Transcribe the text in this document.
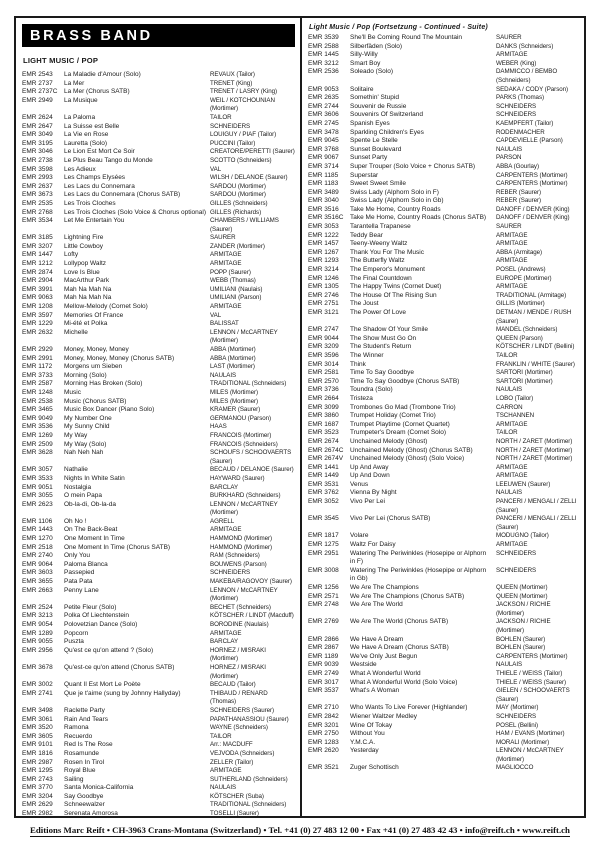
BRASS BAND
LIGHT MUSIC / POP
EMR 2543	La Maladie d'Amour (Solo)	REVAUX (Tailor)
EMR 2737	La Mer	TRENET (King)
EMR 2737C	La Mer (Chorus SATB)	TRENET / LASRY (King)
EMR 2949	La Musique	WEIL / KOTCHOUNIAN (Mortimer)
EMR 2624	La Paloma	TAILOR
EMR 2647	La Suisse est Belle	SCHNEIDERS
EMR 3049	La Vie en Rose	LOUIGUY / PIAF (Tailor)
EMR 3195	Lauretta (Solo)	PUCCINI (Tailor)
EMR 3046	Le Lion Est Mort Ce Soir	CREATORE/PERETTI (Saurer)
EMR 2738	Le Plus Beau Tango du Monde	SCOTTO (Schneiders)
EMR 3598	Les Adieux	VAL
EMR 2993	Les Champs Elysées	WILSH / DELANOE (Saurer)
EMR 2637	Les Lacs du Connemara	SARDOU (Mortimer)
EMR 3673	Les Lacs du Connemara (Chorus SATB)	SARDOU (Mortimer)
EMR 2535	Les Trois Cloches	GILLES (Schneiders)
EMR 2768	Les Trois Cloches (Solo Voice & Chorus optional) GILLES (Richards)
EMR 3534	Let Me Entertain You	CHAMBERS / WILLIAMS (Saurer)
EMR 3185	Lightning Fire	SAURER
EMR 3207	Little Cowboy	ZANDER (Mortimer)
EMR 1447	Lofty	ARMITAGE
EMR 1212	Lollypop Waltz	ARMITAGE
EMR 2874	Love Is Blue	POPP (Saurer)
EMR 2904	MacArthur Park	WEBB (Thomas)
EMR 3991	Mah Na Mah Na	UMILIANI (Naulais)
EMR 9063	Mah Na Mah Na	UMILIANI (Parson)
EMR 1208	Mellow-Melody (Cornet Solo)	ARMITAGE
EMR 3597	Memories Of France	VAL
EMR 1229	Mi-été et Polka	BALISSAT
EMR 2632	Michelle	LENNON / McCARTNEY (Mortimer)
EMR 2929	Money, Money, Money	ABBA (Mortimer)
EMR 2991	Money, Money, Money (Chorus SATB)	ABBA (Mortimer)
EMR 1172	Morgens um Sieben	LAST (Mortimer)
EMR 3733	Morning (Solo)	NAULAIS
EMR 2587	Morning Has Broken (Solo)	TRADITIONAL (Schneiders)
EMR 1248	Music	MILES (Mortimer)
EMR 2538	Music (Chorus SATB)	MILES (Mortimer)
EMR 3465	Music Box Dancer (Piano Solo)	KRAMER (Saurer)
EMR 9049	My Number One	GERMANOU (Parson)
EMR 3536	My Sunny Child	HAAS
EMR 1269	My Way	FRANCOIS (Mortimer)
EMR 2509	My Way (Solo)	FRANCOIS (Schneiders)
EMR 3628	Nah Neh Nah	SCHOUFS / SCHOOVAERTS (Saurer)
EMR 3057	Nathalie	BECAUD / DELANOE (Saurer)
EMR 3533	Nights In White Satin	HAYWARD (Saurer)
EMR 9051	Nostalgia	BARCLAY
EMR 3055	O mein Papa	BURKHARD (Schneiders)
EMR 2623	Ob-la-di, Ob-la-da	LENNON / McCARTNEY (Mortimer)
EMR 1106	Oh No !	AGRELL
EMR 1443	On The Back-Beat	ARMITAGE
EMR 1270	One Moment In Time	HAMMOND (Mortimer)
EMR 2518	One Moment In Time (Chorus SATB)	HAMMOND (Mortimer)
EMR 2740	Only You	RAM (Schneiders)
EMR 9064	Paloma Blanca	BOUWENS (Parson)
EMR 3603	Passepied	SCHNEIDERS
EMR 3655	Pata Pata	MAKEBA/RAGOVOY (Saurer)
EMR 2663	Penny Lane	LENNON / McCARTNEY (Mortimer)
EMR 2524	Petite Fleur (Solo)	BECHET (Schneiders)
EMR 3213	Polka Of Liechtenstein	KÖTSCHER / LINDT (Macduff)
EMR 9054	Polovetzian Dance (Solo)	BORODINE (Naulais)
EMR 1289	Popcorn	ARMITAGE
EMR 9055	Puszta	BARCLAY
EMR 2956	Qu'est ce qu'on attend ? (Solo)	HORNEZ / MISRAKI (Mortimer)
EMR 3678	Qu'est-ce qu'on attend (Chorus SATB)	HORNEZ / MISRAKI (Mortimer)
EMR 3002	Quant Il Est Mort Le Poète	BECAUD (Tailor)
EMR 2741	Que je t'aime (sung by Johnny Hallyday)	THIBAUD / RENARD (Thomas)
EMR 3498	Raclette Party	SCHNEIDERS (Saurer)
EMR 3061	Rain And Tears	PAPATHANASSIOU (Saurer)
EMR 3520	Ramona	WAYNE (Schneiders)
EMR 3605	Recuerdo	TAILOR
EMR 9101	Red Is The Rose	Arr.: MACDUFF
EMR 1816	Rosamunde	VEJVODA (Schneiders)
EMR 2987	Rosen In Tirol	ZELLER (Tailor)
EMR 1295	Royal Blue	ARMITAGE
EMR 2743	Sailing	SUTHERLAND (Schneiders)
EMR 3770	Santa Monica-California	NAULAIS
EMR 3204	Say Goodbye	KÖTSCHER (Suba)
EMR 2629	Schneewalzer	TRADITIONAL (Schneiders)
EMR 2982	Serenata Amorosa	TOSELLI (Saurer)
Light Music / Pop (Fortsetzung - Continued - Suite)
EMR 3539	She'll Be Coming Round The Mountain	SAURER
EMR 2588	Silberfäden (Solo)	DANKS (Schneiders)
EMR 1445	Silly-Willy	ARMITAGE
EMR 3212	Smart Boy	WEBER (King)
EMR 2536	Soleado (Solo)	DAMMICCO / BEMBO (Schneiders)
EMR 9053	Solitaire	SEDAKA / CODY (Parson)
EMR 2635	Somethin' Stupid	PARKS (Thomas)
EMR 2744	Souvenir de Russie	SCHNEIDERS
EMR 3606	Souvenirs Of Switzerland	SCHNEIDERS
EMR 2745	Spanish Eyes	KAEMPFERT (Tailor)
EMR 3478	Sparkling Children's Eyes	RODENMACHER
EMR 9045	Spente Le Stelle	CAPDEVIELLE (Parson)
EMR 3768	Sunset Boulevard	NAULAIS
EMR 9067	Sunset Party	PARSON
EMR 3714	Super Trouper (Solo Voice + Chorus SATB)	ABBA (Gourlay)
EMR 1185	Superstar	CARPENTERS (Mortimer)
EMR 1183	Sweet Sweet Smile	CARPENTERS (Mortimer)
EMR 3489	Swiss Lady (Alphorn Solo in F)	REBER (Saurer)
EMR 3040	Swiss Lady (Alphorn Solo in Gb)	REBER (Saurer)
EMR 3516	Take Me Home, Country Roads	DANOFF / DENVER (King)
EMR 3516C	Take Me Home, Country Roads (Chorus SATB)	DANOFF / DENVER (King)
EMR 3053	Tarantella Trapanese	SAURER
EMR 1222	Teddy Bear	ARMITAGE
EMR 1457	Teeny-Weeny Waltz	ARMITAGE
EMR 1267	Thank You For The Music	ABBA (Armitage)
EMR 1293	The Butterfly Waltz	ARMITAGE
EMR 3214	The Emperor's Monument	POSEL (Andrews)
EMR 1246	The Final Countdown	EUROPE (Mortimer)
EMR 1305	The Happy Twins (Cornet Duet)	ARMITAGE
EMR 2746	The House Of The Rising Sun	TRADITIONAL (Armitage)
EMR 2751	The Joust	GILLIS (Mortimer)
EMR 3121	The Power Of Love	DETMAN / MENDE / RUSH (Saurer)
EMR 2747	The Shadow Of Your Smile	MANDEL (Schneiders)
EMR 9044	The Show Must Go On	QUEEN (Parson)
EMR 3209	The Student's Return	KÖTSCHER / LINDT (Bellini)
EMR 3596	The Winner	TAILOR
EMR 3014	Think	FRANKLIN / WHITE (Saurer)
EMR 2581	Time To Say Goodbye	SARTORI (Mortimer)
EMR 2570	Time To Say Goodbye (Chorus SATB)	SARTORI (Mortimer)
EMR 3736	Toundra (Solo)	NAULAIS
EMR 2664	Tristeza	LOBO (Tailor)
EMR 3099	Trombones Go Mad (Trombone Trio)	CARRON
EMR 3860	Trumpet Holiday (Cornet Trio)	TSCHANNEN
EMR 1687	Trumpet Playtime (Cornet Quartet)	ARMITAGE
EMR 3523	Trumpeter's Dream (Cornet Solo)	TAILOR
EMR 2674	Unchained Melody (Ghost)	NORTH / ZARET (Mortimer)
EMR 2674C	Unchained Melody (Ghost) (Chorus SATB)	NORTH / ZARET (Mortimer)
EMR 2674V	Unchained Melody (Ghost) (Solo Voice)	NORTH / ZARET (Mortimer)
EMR 1441	Up And Away	ARMITAGE
EMR 1449	Up And Down	ARMITAGE
EMR 3531	Venus	LEEUWEN (Saurer)
EMR 3762	Vienna By Night	NAULAIS
EMR 3052	Vivo Per Lei	PANCERI / MENGALI / ZELLI (Saurer)
EMR 3545	Vivo Per Lei (Chorus SATB)	PANCERI / MENGALI / ZELLI (Saurer)
EMR 1817	Volare	MODUGNO (Tailor)
EMR 1275	Waltz For Daisy	ARMITAGE
EMR 2951	Watering The Periwinkles (Hosepipe or Alphorn in F)
SCHNEIDERS
EMR 3008	Watering The Periwinkles (Hosepipe or Alphorn in Gb)
SCHNEIDERS
EMR 1256	We Are The Champions	QUEEN (Mortimer)
EMR 2571	We Are The Champions (Chorus SATB)	QUEEN (Mortimer)
EMR 2748	We Are The World	JACKSON / RICHIE (Mortimer)
EMR 2769	We Are The World (Chorus SATB)	JACKSON / RICHIE (Mortimer)
EMR 2866	We Have A Dream	BOHLEN (Saurer)
EMR 2867	We Have A Dream (Chorus SATB)	BOHLEN (Saurer)
EMR 1189	We've Only Just Begun	CARPENTERS (Mortimer)
EMR 9039	Westside	NAULAIS
EMR 2749	What A Wonderful World	THIELE / WEISS (Tailor)
EMR 3017	What A Wonderful World (Solo Voice)	THIELE / WEISS (Saurer)
EMR 3537	What's A Woman	GIELEN / SCHOOVAERTS (Saurer)
EMR 2710	Who Wants To Live Forever (Highlander)	MAY (Mortimer)
EMR 2842	Wiener Waltzer Medley	SCHNEIDERS
EMR 3201	Wine Of Tokay	POSEL (Bellini)
EMR 2750	Without You	HAM / EVANS (Mortimer)
EMR 1283	Y.M.C.A.	MORALI (Mortimer)
EMR 2620	Yesterday	LENNON / McCARTNEY (Mortimer)
EMR 3521	Zuger Schottisch	MAGLIOCCO
Editions Marc Reift • CH-3963 Crans-Montana (Switzerland) • Tel. +41 (0) 27 483 12 00 • Fax +41 (0) 27 483 42 43 • info@reift.ch • www.reift.ch
